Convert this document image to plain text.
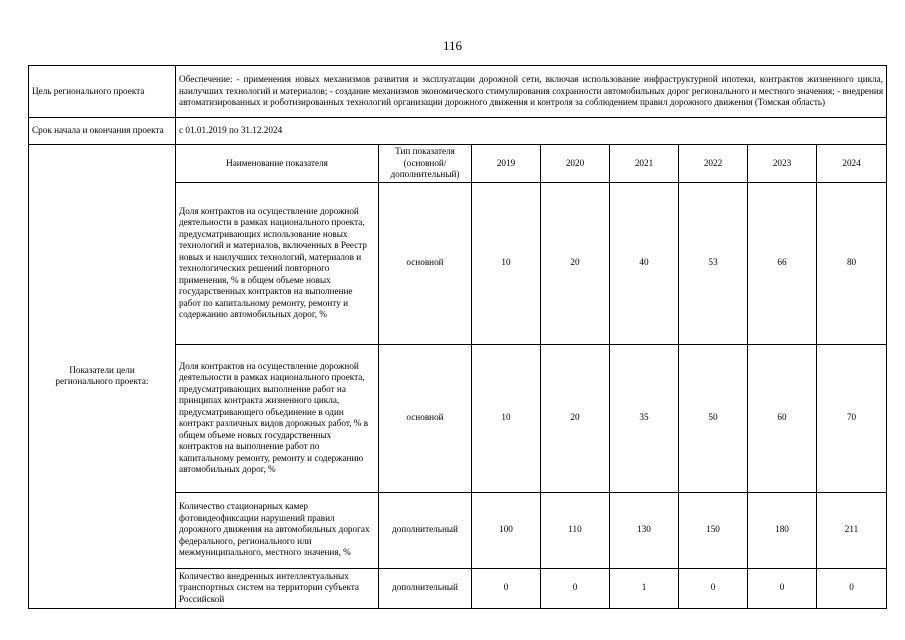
116
Цель регионального проекта	Обеспечение: - применения новых механизмов развития и эксплуатации дорожной сети, включая использование инфраструктурной ипотеки, контрактов жизненного цикла, наилучших технологий и материалов; - создание механизмов экономического стимулирования сохранности автомобильных дорог регионального и местного значения; - внедрения автоматизированных и роботизированных технологий организации дорожного движения и контроля за соблюдением правил дорожного движения (Томская область)							
Срок начала и окончания проекта	с 01.01.2019 по 31.12.2024							
Показатели цели регионального проекта:	Наименование показателя	Тип показателя (основной/дополнительный)	2019	2020	2021	2022	2023	2024
	Доля контрактов на осуществление дорожной деятельности в рамках национального проекта, предусматривающих использование новых технологий и материалов, включенных в Реестр новых и наилучших технологий, материалов и технологических решений повторного применения, % в общем объеме новых государственных контрактов на выполнение работ по капитальному ремонту, ремонту и содержанию автомобильных дорог, %	основной	10	20	40	53	66	80
	Доля контрактов на осуществление дорожной деятельности в рамках национального проекта, предусматривающих выполнение работ на принципах контракта жизненного цикла, предусматривающего объединение в один контракт различных видов дорожных работ, % в общем объеме новых государственных контрактов на выполнение работ по капитальному ремонту, ремонту и содержанию автомобильных дорог, %	основной	10	20	35	50	60	70
	Количество стационарных камер фотовидеофиксации нарушений правил дорожного движения на автомобильных дорогах федерального, регионального или межмуниципального, местного значения, %	дополнительный	100	110	130	150	180	211
	Количество внедренных интеллектуальных транспортных систем на территории субъекта Российской	дополнительный	0	0	1	0	0	0
